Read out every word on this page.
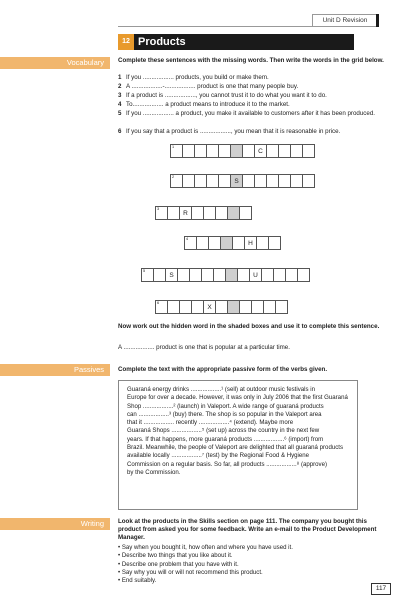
Unit D Revision
12 Products
Vocabulary	Complete these sentences with the missing words. Then write the words in the grid below.
1 If you .................. products, you build or make them.
2 A ..................-.................. product is one that many people buy.
3 If a product is .................., you cannot trust it to do what you want it to do.
4 To.................. a product means to introduce it to the market.
5 If you .................. a product, you make it available to customers after it has been produced.
6 If you say that a product is .................., you mean that it is reasonable in price.
1
C
2
S
3
R
4
H
5
S	U
6
X
Now work out the hidden word in the shaded boxes and use it to complete this sentence.
A .................. product is one that is popular at a particular time.
Passives	Complete the text with the appropriate passive form of the verbs given.
Guaraná energy drinks ..................¹ (sell) at outdoor music festivals in
Europe for over a decade. However, it was only in July 2006 that the first Guaraná
Shop ..................² (launch) in Valeport. A wide range of guaraná products
can ..................³ (buy) there. The shop is so popular in the Valeport area
that it .................. recently ..................⁴ (extend). Maybe more
Guaraná Shops ..................⁵ (set up) across the country in the next few
years. If that happens, more guaraná products ..................⁶ (import) from
Brazil. Meanwhile, the people of Valeport are delighted that all guaraná products
available locally ..................⁷ (test) by the Regional Food & Hygiene
Commission on a regular basis. So far, all products ..................⁸ (approve)
by the Commission.
Writing	Look at the products in the Skills section on page 111. The company you bought this product from asked you for some feedback. Write an e-mail to the Product Development Manager.
• Say when you bought it, how often and where you have used it.
• Describe two things that you like about it.
• Describe one problem that you have with it.
• Say why you will or will not recommend this product.
• End suitably.
117
